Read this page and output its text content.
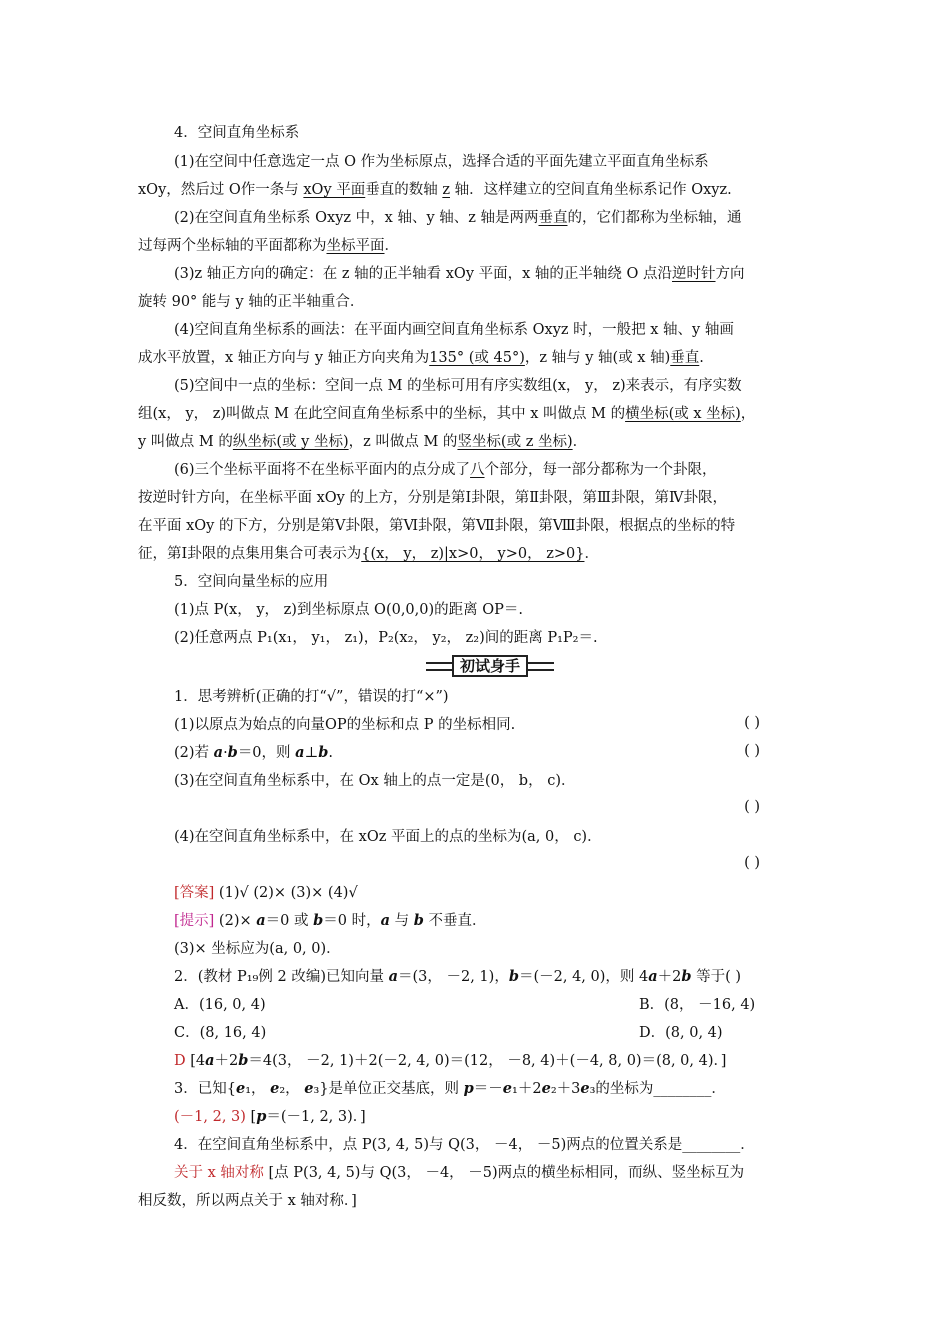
4．空间直角坐标系
(1)在空间中任意选定一点 O 作为坐标原点，选择合适的平面先建立平面直角坐标系
xOy，然后过 O作一条与 xOy 平面垂直的数轴 z 轴．这样建立的空间直角坐标系记作 Oxyz.
(2)在空间直角坐标系 Oxyz 中，x 轴、y 轴、z 轴是两两垂直的，它们都称为坐标轴，通
过每两个坐标轴的平面都称为坐标平面．
(3)z 轴正方向的确定：在 z 轴的正半轴看 xOy 平面，x 轴的正半轴绕 O 点沿逆时针方向
旋转 90° 能与 y 轴的正半轴重合．
(4)空间直角坐标系的画法：在平面内画空间直角坐标系 Oxyz 时，一般把 x 轴、y 轴画
成水平放置，x 轴正方向与 y 轴正方向夹角为135° (或 45°)，z 轴与 y 轴(或 x 轴)垂直.
(5)空间中一点的坐标：空间一点 M 的坐标可用有序实数组(x， y， z)来表示，有序实数
组(x， y， z)叫做点 M 在此空间直角坐标系中的坐标，其中 x 叫做点 M 的横坐标(或 x 坐标)，
y 叫做点 M 的纵坐标(或 y 坐标)，z 叫做点 M 的竖坐标(或 z 坐标)．
(6)三个坐标平面将不在坐标平面内的点分成了八个部分，每一部分都称为一个卦限，
按逆时针方向，在坐标平面 xOy 的上方，分别是第Ⅰ卦限，第Ⅱ卦限，第Ⅲ卦限，第Ⅳ卦限，
在平面 xOy 的下方，分别是第Ⅴ卦限，第Ⅵ卦限，第Ⅶ卦限，第Ⅷ卦限，根据点的坐标的特
征，第Ⅰ卦限的点集用集合可表示为{(x， y， z)|x>0， y>0， z>0}．
5．空间向量坐标的应用
(1)点 P(x， y， z)到坐标原点 O(0,0,0)的距离 OP＝.
(2)任意两点 P₁(x₁， y₁， z₁)，P₂(x₂， y₂， z₂)间的距离 P₁P₂＝.
初试身手
1．思考辨析(正确的打“√”，错误的打“×”)
(1)以原点为始点的向量OP的坐标和点 P 的坐标相同.	( )
(2)若 a·b＝0，则 a⊥b.	( )
(3)在空间直角坐标系中，在 Ox 轴上的点一定是(0， b， c)．
( )
(4)在空间直角坐标系中，在 xOz 平面上的点的坐标为(a, 0， c)．
( )
[答案] (1)√ (2)× (3)× (4)√
[提示] (2)× a＝0 或 b＝0 时，a 与 b 不垂直．
(3)× 坐标应为(a, 0, 0)．
2．(教材 P₁₉例 2 改编)已知向量 a＝(3， －2, 1)，b＝(－2, 4, 0)，则 4a＋2b 等于( )
A．(16, 0, 4)	B．(8， －16, 4)
C．(8, 16, 4)	D．(8, 0, 4)
D [4a＋2b＝4(3， －2, 1)＋2(－2, 4, 0)＝(12， －8, 4)＋(－4, 8, 0)＝(8, 0, 4)．]
3．已知{e₁， e₂， e₃}是单位正交基底，则 p＝－e₁＋2e₂＋3e₃的坐标为________．
(－1, 2, 3) [p＝(－1, 2, 3)．]
4．在空间直角坐标系中，点 P(3, 4, 5)与 Q(3， －4， －5)两点的位置关系是________．
关于 x 轴对称 [点 P(3, 4, 5)与 Q(3， －4， －5)两点的横坐标相同，而纵、竖坐标互为
相反数，所以两点关于 x 轴对称．]
